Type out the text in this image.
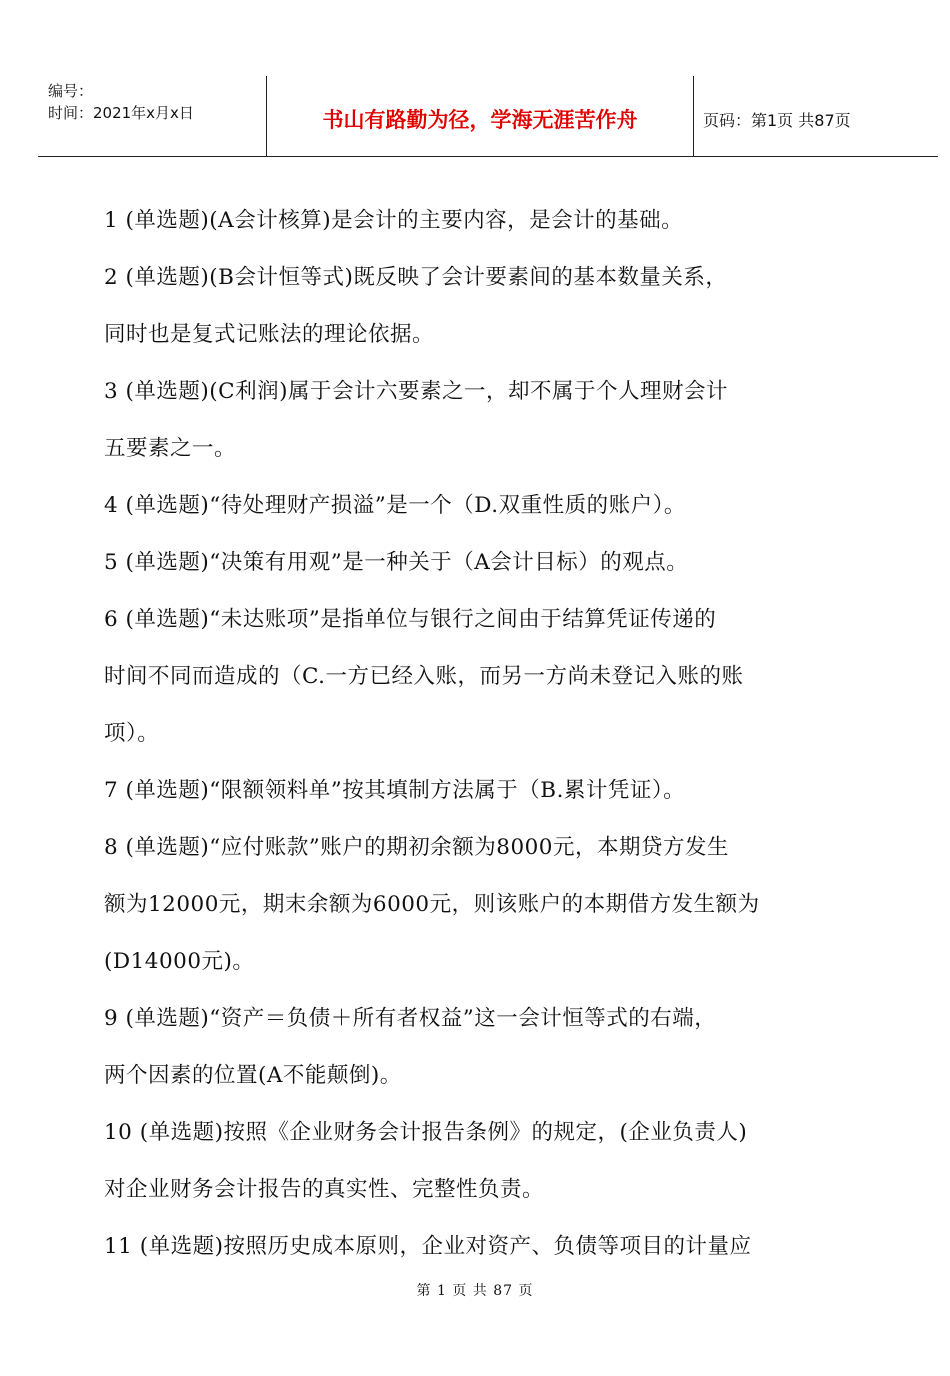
编号：
时间：2021年x月x日	书山有路勤为径，学海无涯苦作舟	页码：第1页 共87页
1 (单选题)(A会计核算)是会计的主要内容，是会计的基础。
2 (单选题)(B会计恒等式)既反映了会计要素间的基本数量关系，
同时也是复式记账法的理论依据。
3 (单选题)(C利润)属于会计六要素之一，却不属于个人理财会计
五要素之一。
4 (单选题)“待处理财产损溢”是一个（D.双重性质的账户）。
5 (单选题)“决策有用观”是一种关于（A会计目标）的观点。
6 (单选题)“未达账项”是指单位与银行之间由于结算凭证传递的
时间不同而造成的（C.一方已经入账，而另一方尚未登记入账的账
项）。
7 (单选题)“限额领料单”按其填制方法属于（B.累计凭证）。
8 (单选题)“应付账款”账户的期初余额为8000元，本期贷方发生
额为12000元，期末余额为6000元，则该账户的本期借方发生额为
(D14000元)。
9 (单选题)“资产＝负债＋所有者权益”这一会计恒等式的右端，
两个因素的位置(A不能颠倒)。
10 (单选题)按照《企业财务会计报告条例》的规定，(企业负责人)
对企业财务会计报告的真实性、完整性负责。
11 (单选题)按照历史成本原则，企业对资产、负债等项目的计量应
第 1 页 共 87 页
